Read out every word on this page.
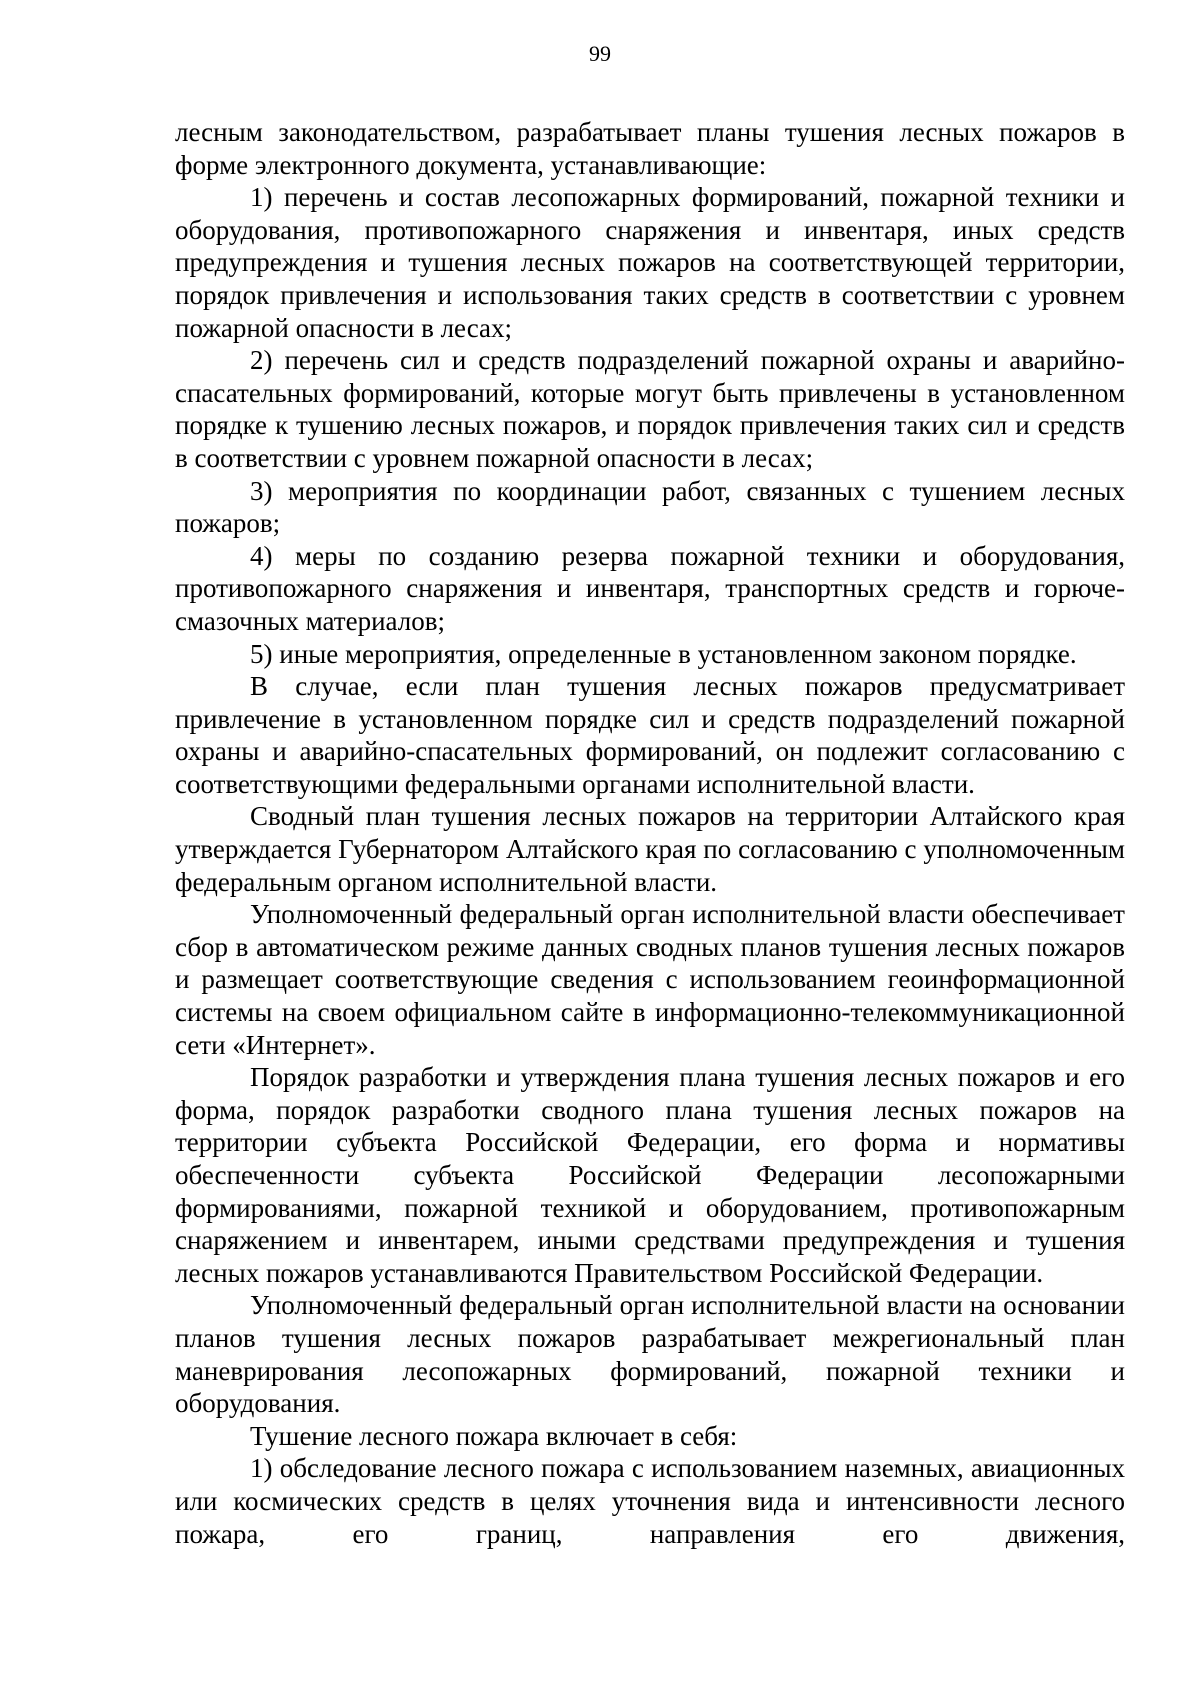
99

лесным законодательством, разрабатывает планы тушения лесных пожаров в форме электронного документа, устанавливающие:

1) перечень и состав лесопожарных формирований, пожарной техники и оборудования, противопожарного снаряжения и инвентаря, иных средств предупреждения и тушения лесных пожаров на соответствующей территории, порядок привлечения и использования таких средств в соответствии с уровнем пожарной опасности в лесах;

2) перечень сил и средств подразделений пожарной охраны и аварийно-спасательных формирований, которые могут быть привлечены в установленном порядке к тушению лесных пожаров, и порядок привлечения таких сил и средств в соответствии с уровнем пожарной опасности в лесах;

3) мероприятия по координации работ, связанных с тушением лесных пожаров;

4) меры по созданию резерва пожарной техники и оборудования, противопожарного снаряжения и инвентаря, транспортных средств и горюче-смазочных материалов;

5) иные мероприятия, определенные в установленном законом порядке.

В случае, если план тушения лесных пожаров предусматривает привлечение в установленном порядке сил и средств подразделений пожарной охраны и аварийно-спасательных формирований, он подлежит согласованию с соответствующими федеральными органами исполнительной власти.

Сводный план тушения лесных пожаров на территории Алтайского края утверждается Губернатором Алтайского края по согласованию с уполномоченным федеральным органом исполнительной власти.

Уполномоченный федеральный орган исполнительной власти обеспечивает сбор в автоматическом режиме данных сводных планов тушения лесных пожаров и размещает соответствующие сведения с использованием геоинформационной системы на своем официальном сайте в информационно-телекоммуникационной сети «Интернет».

Порядок разработки и утверждения плана тушения лесных пожаров и его форма, порядок разработки сводного плана тушения лесных пожаров на территории субъекта Российской Федерации, его форма и нормативы обеспеченности субъекта Российской Федерации лесопожарными формированиями, пожарной техникой и оборудованием, противопожарным снаряжением и инвентарем, иными средствами предупреждения и тушения лесных пожаров устанавливаются Правительством Российской Федерации.

Уполномоченный федеральный орган исполнительной власти на основании планов тушения лесных пожаров разрабатывает межрегиональный план маневрирования лесопожарных формирований, пожарной техники и оборудования.

Тушение лесного пожара включает в себя:

1) обследование лесного пожара с использованием наземных, авиационных или космических средств в целях уточнения вида и интенсивности лесного пожара, его границ, направления его движения,
